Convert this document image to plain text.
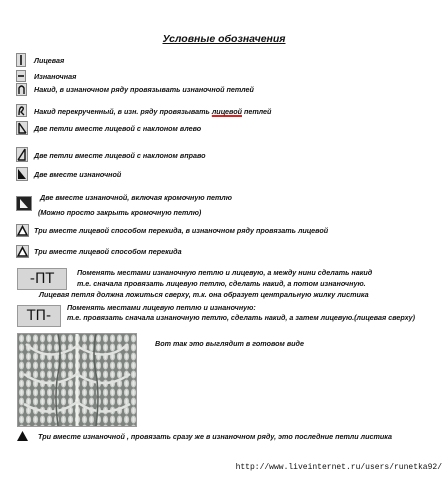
Условные обозначения
Лицевая
Изнаночная
Накид, в изнаночном ряду провязывать изнаночной петлей
Накид перекрученный, в изн. ряду провязывать лицевой петлей
Две петли вместе лицевой с наклоном влево
Две петли вместе лицевой с наклоном вправо
Две вместе изнаночной
Две вместе изнаночной, включая кромочную петлю
(Можно просто закрыть кромочную петлю)
Три вместе лицевой способом перекида, в изнаночном ряду провязать лицевой
Три вместе лицевой способом перекида
-ПТ	Поменять местами изнаночную петлю и лицевую, а между нини сделать накид
т.е. сначала провязать лицевую петлю, сделать накид, а потом изнаночную.
Лицевая петля должна ложиться сверху, т.к. она образует центральную жилку листика
ТП-
Поменять местами лицевую петлю и изнаночную:
т.е. провязать сначала изнаночную петлю, сделать накид, а затем лицевую.(лицевая сверху)
Вот так это выглядит в готовом виде
Три вместе изнаночной , провязать сразу же в изнаночном ряду, это последние петли листика
http://www.liveinternet.ru/users/runetka92/
